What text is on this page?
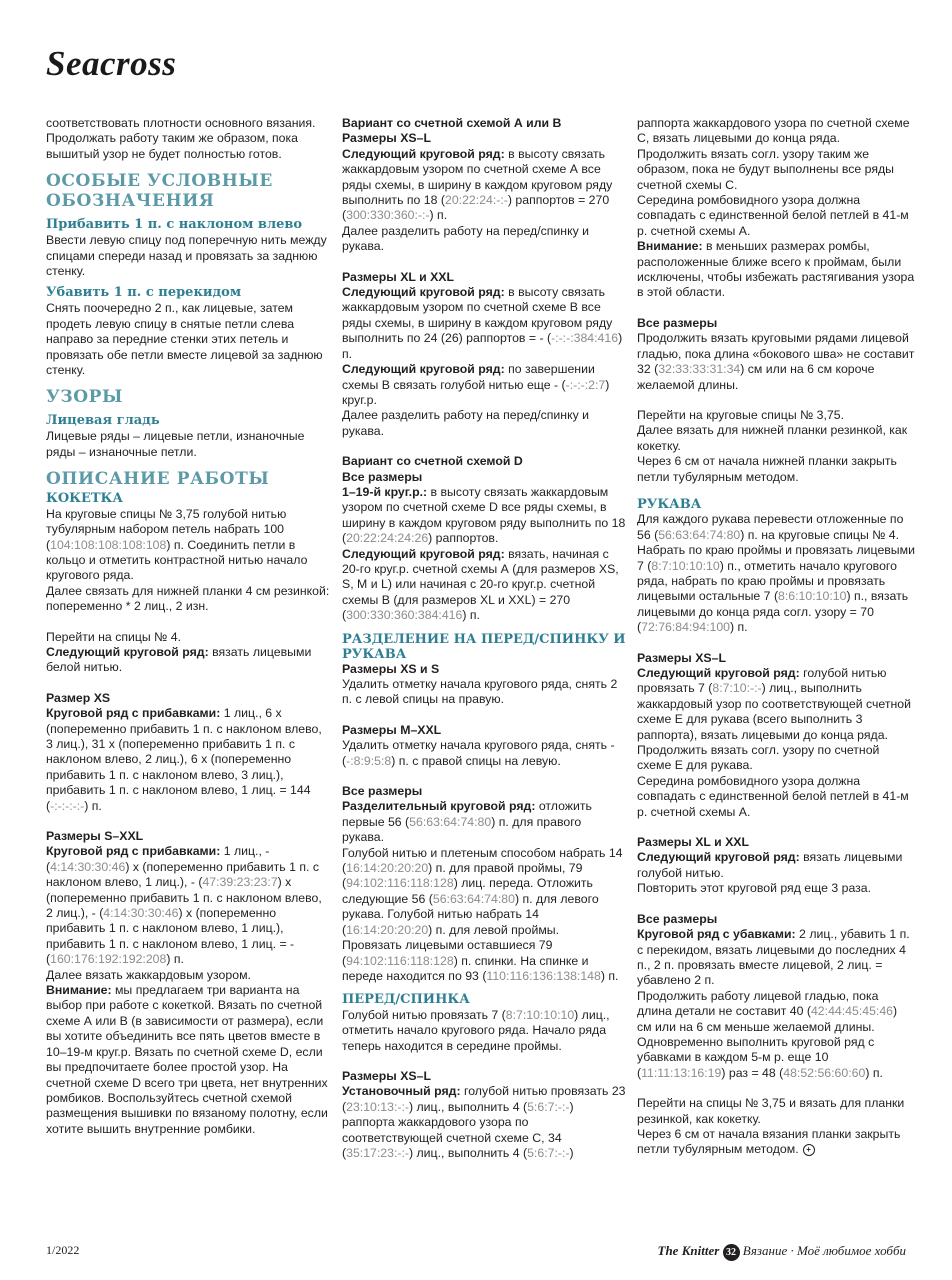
Seacross

соответствовать плотности основного вязания. Продолжать работу таким же образом, пока вышитый узор не будет полностью готов.

ОСОБЫЕ УСЛОВНЫЕ ОБОЗНАЧЕНИЯ
Прибавить 1 п. с наклоном влево

Ввести левую спицу под поперечную нить между спицами спереди назад и провязать за заднюю стенку.

Убавить 1 п. с перекидом

Снять поочередно 2 п., как лицевые, затем продеть левую спицу в снятые петли слева направо за передние стенки этих петель и провязать обе петли вместе лицевой за заднюю стенку.

УЗОРЫ
Лицевая гладь

Лицевые ряды – лицевые петли, изнаночные ряды – изнаночные петли.

ОПИСАНИЕ РАБОТЫ
КОКЕТКА

На круговые спицы № 3,75 голубой нитью тубулярным набором петель набрать 100 (104:108:108:108:108) п. Соединить петли в кольцо и отметить контрастной нитью начало кругового ряда.

Далее связать для нижней планки 4 см резинкой: попеременно * 2 лиц., 2 изн.

Перейти на спицы № 4.

Следующий круговой ряд: вязать лицевыми белой нитью.

Размер XS

Круговой ряд с прибавками: 1 лиц., 6 х (попеременно прибавить 1 п. с наклоном влево, 3 лиц.), 31 х (попеременно прибавить 1 п. с наклоном влево, 2 лиц.), 6 х (попеременно прибавить 1 п. с наклоном влево, 3 лиц.), прибавить 1 п. с наклоном влево, 1 лиц. = 144 (-:-:-:-:-) п.

Размеры S–XXL

Круговой ряд с прибавками: 1 лиц., - (4:14:30:30:46) х (попеременно прибавить 1 п. с наклоном влево, 1 лиц.), - (47:39:23:23:7) х (попеременно прибавить 1 п. с наклоном влево, 2 лиц.), - (4:14:30:30:46) х (попеременно прибавить 1 п. с наклоном влево, 1 лиц.), прибавить 1 п. с наклоном влево, 1 лиц. = - (160:176:192:192:208) п.

Далее вязать жаккардовым узором.

Внимание: мы предлагаем три варианта на выбор при работе с кокеткой. Вязать по счетной схеме А или В (в зависимости от размера), если вы хотите объединить все пять цветов вместе в 10–19-м круг.р. Вязать по счетной схеме D, если вы предпочитаете более простой узор. На счетной схеме D всего три цвета, нет внутренних ромбиков. Воспользуйтесь счетной схемой размещения вышивки по вязаному полотну, если хотите вышить внутренние ромбики.

Вариант со счетной схемой А или В

Размеры XS–L

Следующий круговой ряд: в высоту связать жаккардовым узором по счетной схеме А все ряды схемы, в ширину в каждом круговом ряду выполнить по 18 (20:22:24:-:-) раппортов = 270 (300:330:360:-:-) п.

Далее разделить работу на перед/спинку и рукава.

Размеры XL и XXL

Следующий круговой ряд: в высоту связать жаккардовым узором по счетной схеме В все ряды схемы, в ширину в каждом круговом ряду выполнить по 24 (26) раппортов = - (-:-:-:384:416) п.

Следующий круговой ряд: по завершении схемы В связать голубой нитью еще - (-:-:-:2:7) круг.р.

Далее разделить работу на перед/спинку и рукава.

Вариант со счетной схемой D

Все размеры

1–19-й круг.р.: в высоту связать жаккардовым узором по счетной схеме D все ряды схемы, в ширину в каждом круговом ряду выполнить по 18 (20:22:24:24:26) раппортов.

Следующий круговой ряд: вязать, начиная с 20-го круг.р. счетной схемы А (для размеров XS, S, M и L) или начиная с 20-го круг.р. счетной схемы В (для размеров XL и XXL) = 270 (300:330:360:384:416) п.

РАЗДЕЛЕНИЕ НА ПЕРЕД/СПИНКУ И РУКАВА

Размеры XS и S

Удалить отметку начала кругового ряда, снять 2 п. с левой спицы на правую.

Размеры M–XXL

Удалить отметку начала кругового ряда, снять - (-:8:9:5:8) п. с правой спицы на левую.

Все размеры

Разделительный круговой ряд: отложить первые 56 (56:63:64:74:80) п. для правого рукава.

Голубой нитью и плетеным способом набрать 14 (16:14:20:20:20) п. для правой проймы, 79 (94:102:116:118:128) лиц. переда. Отложить следующие 56 (56:63:64:74:80) п. для левого рукава. Голубой нитью набрать 14 (16:14:20:20:20) п. для левой проймы.

Провязать лицевыми оставшиеся 79 (94:102:116:118:128) п. спинки. На спинке и переде находится по 93 (110:116:136:138:148) п.

ПЕРЕД/СПИНКА

Голубой нитью провязать 7 (8:7:10:10:10) лиц., отметить начало кругового ряда. Начало ряда теперь находится в середине проймы.

Размеры XS–L

Установочный ряд: голубой нитью провязать 23 (23:10:13:-:-) лиц., выполнить 4 (5:6:7:-:-) раппорта жаккардового узора по соответствующей счетной схеме С, 34 (35:17:23:-:-) лиц., выполнить 4 (5:6:7:-:-)

раппорта жаккардового узора по счетной схеме С, вязать лицевыми до конца ряда.

Продолжить вязать согл. узору таким же образом, пока не будут выполнены все ряды счетной схемы С.

Середина ромбовидного узора должна совпадать с единственной белой петлей в 41-м р. счетной схемы А.

Внимание: в меньших размерах ромбы, расположенные ближе всего к проймам, были исключены, чтобы избежать растягивания узора в этой области.

Все размеры

Продолжить вязать круговыми рядами лицевой гладью, пока длина «бокового шва» не составит 32 (32:33:33:31:34) см или на 6 см короче желаемой длины.

Перейти на круговые спицы № 3,75.

Далее вязать для нижней планки резинкой, как кокетку.

Через 6 см от начала нижней планки закрыть петли тубулярным методом.

РУКАВА

Для каждого рукава перевести отложенные по 56 (56:63:64:74:80) п. на круговые спицы № 4.

Набрать по краю проймы и провязать лицевыми 7 (8:7:10:10:10) п., отметить начало кругового ряда, набрать по краю проймы и провязать лицевыми остальные 7 (8:6:10:10:10) п., вязать лицевыми до конца ряда согл. узору = 70 (72:76:84:94:100) п.

Размеры XS–L

Следующий круговой ряд: голубой нитью провязать 7 (8:7:10:-:-) лиц., выполнить жаккардовый узор по соответствующей счетной схеме Е для рукава (всего выполнить 3 раппорта), вязать лицевыми до конца ряда.

Продолжить вязать согл. узору по счетной схеме Е для рукава.

Середина ромбовидного узора должна совпадать с единственной белой петлей в 41-м р. счетной схемы А.

Размеры XL и XXL

Следующий круговой ряд: вязать лицевыми голубой нитью.

Повторить этот круговой ряд еще 3 раза.

Все размеры

Круговой ряд с убавками: 2 лиц., убавить 1 п. с перекидом, вязать лицевыми до последних 4 п., 2 п. провязать вместе лицевой, 2 лиц. = убавлено 2 п.

Продолжить работу лицевой гладью, пока длина детали не составит 40 (42:44:45:45:46) см или на 6 см меньше желаемой длины.

Одновременно выполнить круговой ряд с убавками в каждом 5-м р. еще 10 (11:11:13:16:19) раз = 48 (48:52:56:60:60) п.

Перейти на спицы № 3,75 и вязать для планки резинкой, как кокетку.

Через 6 см от начала вязания планки закрыть петли тубулярным методом. +

1/2022	The Knitter 32 Вязание · Моё любимое хобби
